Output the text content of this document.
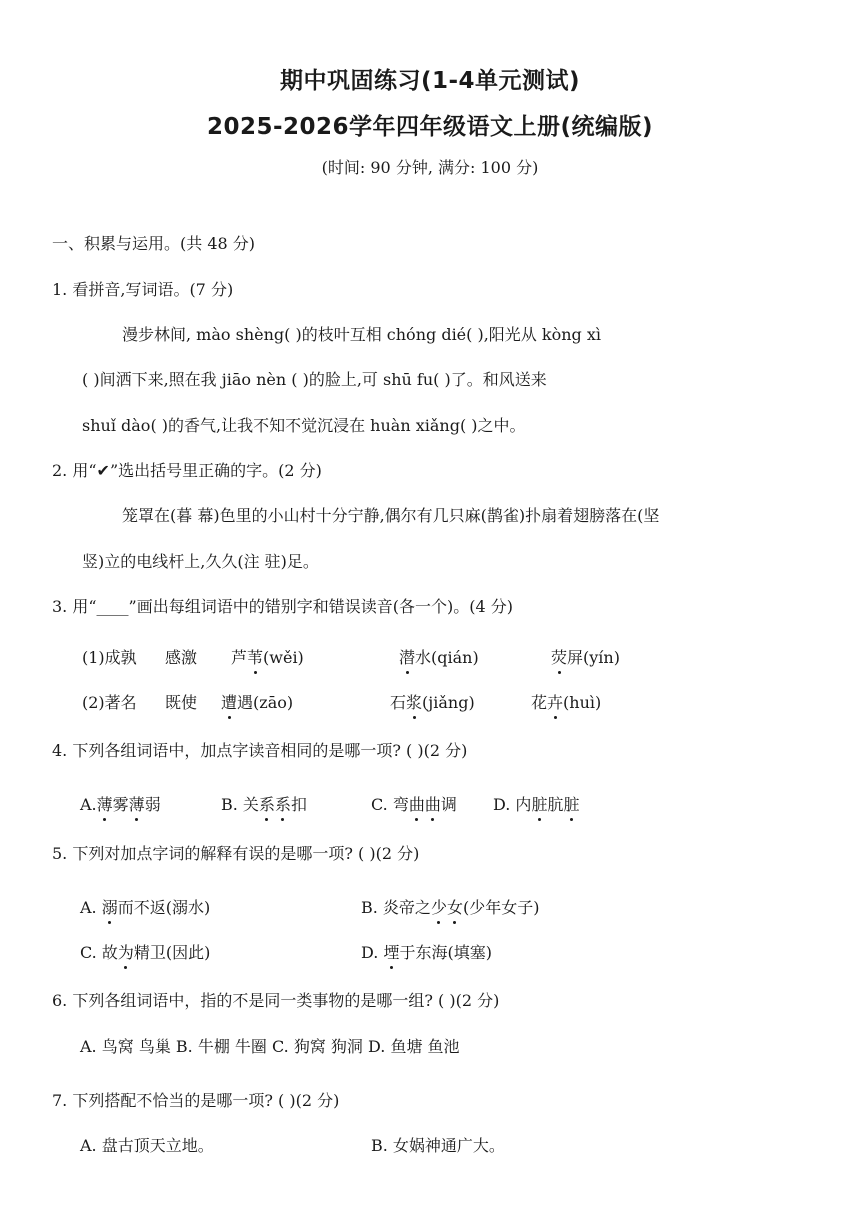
期中巩固练习(1-4单元测试)
2025-2026学年四年级语文上册(统编版)
(时间: 90 分钟, 满分: 100 分)
一、积累与运用。(共 48 分)
1. 看拼音,写词语。(7 分)
漫步林间, mào shèng( )的枝叶互相 chóng dié( ),阳光从 kòng xì
( )间洒下来,照在我 jiāo nèn ( )的脸上,可 shū fu( )了。和风送来
shuǐ dào( )的香气,让我不知不觉沉浸在 huàn xiǎng( )之中。
2. 用“✔”选出括号里正确的字。(2 分)
笼罩在(暮 幕)色里的小山村十分宁静,偶尔有几只麻(鹊雀)扑扇着翅膀落在(坚
竖)立的电线杆上,久久(注 驻)足。
3. 用“____”画出每组词语中的错别字和错误读音(各一个)。(4 分)
(1)成孰 感激 芦苇(wěi)	潜水(qián)	荧屏(yín)
(2)著名 既使 遭遇(zāo)	石浆(jiǎng)	花卉(huì)
4. 下列各组词语中，加点字读音相同的是哪一项? ( )(2 分)
A.薄雾薄弱	B. 关系系扣	C. 弯曲曲调 D. 内脏肮脏
5. 下列对加点字词的解释有误的是哪一项? ( )(2 分)
A. 溺而不返(溺水)	B. 炎帝之少女(少年女子)
C. 故为精卫(因此)	D. 堙于东海(填塞)
6. 下列各组词语中，指的不是同一类事物的是哪一组? ( )(2 分)
A. 鸟窝 鸟巢 B. 牛棚 牛圈 C. 狗窝 狗洞 D. 鱼塘 鱼池
7. 下列搭配不恰当的是哪一项? ( )(2 分)
A. 盘古顶天立地。	B. 女娲神通广大。
